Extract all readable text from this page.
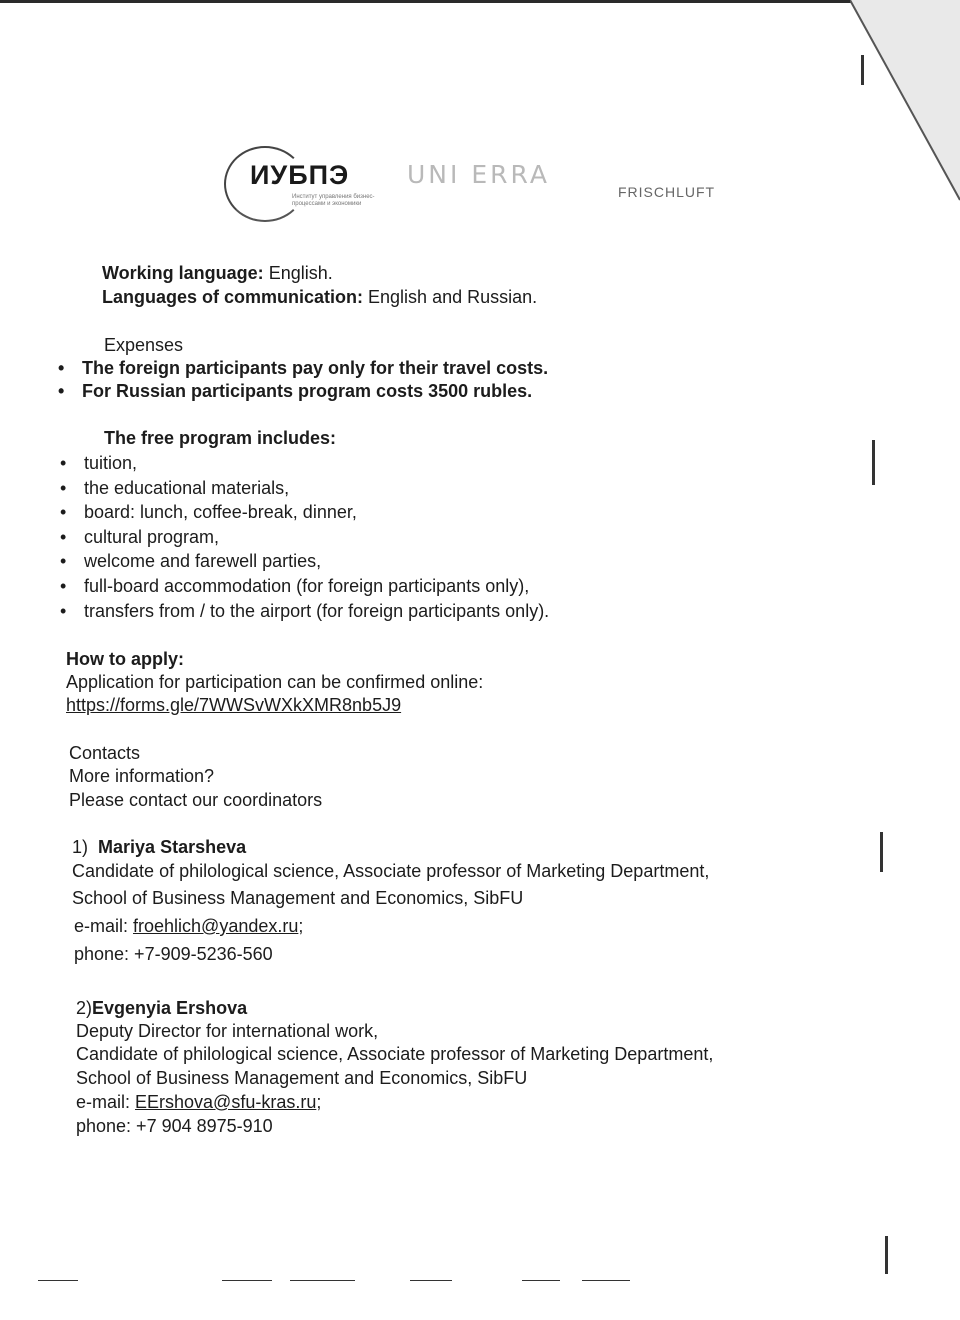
ИУБПЭ
Институт управления бизнес-процессами и экономики
UNI ERRA
FRISCHLUFT
Working language: English.
Languages of communication: English and Russian.
Expenses
• The foreign participants pay only for their travel costs.
• For Russian participants program costs 3500 rubles.
The free program includes:
• tuition,
• the educational materials,
• board: lunch, coffee-break, dinner,
• cultural program,
• welcome and farewell parties,
• full-board accommodation (for foreign participants only),
• transfers from / to the airport (for foreign participants only).
How to apply:
Application for participation can be confirmed online:
https://forms.gle/7WWSvWXkXMR8nb5J9
Contacts
More information?
Please contact our coordinators
1) Mariya Starsheva
Candidate of philological science, Associate professor of Marketing Department,
School of Business Management and Economics, SibFU
e-mail: froehlich@yandex.ru;
phone: +7-909-5236-560
2)Evgenyia Ershova
Deputy Director for international work,
Candidate of philological science, Associate professor of Marketing Department,
School of Business Management and Economics, SibFU
e-mail: EErshova@sfu-kras.ru;
phone: +7 904 8975-910
